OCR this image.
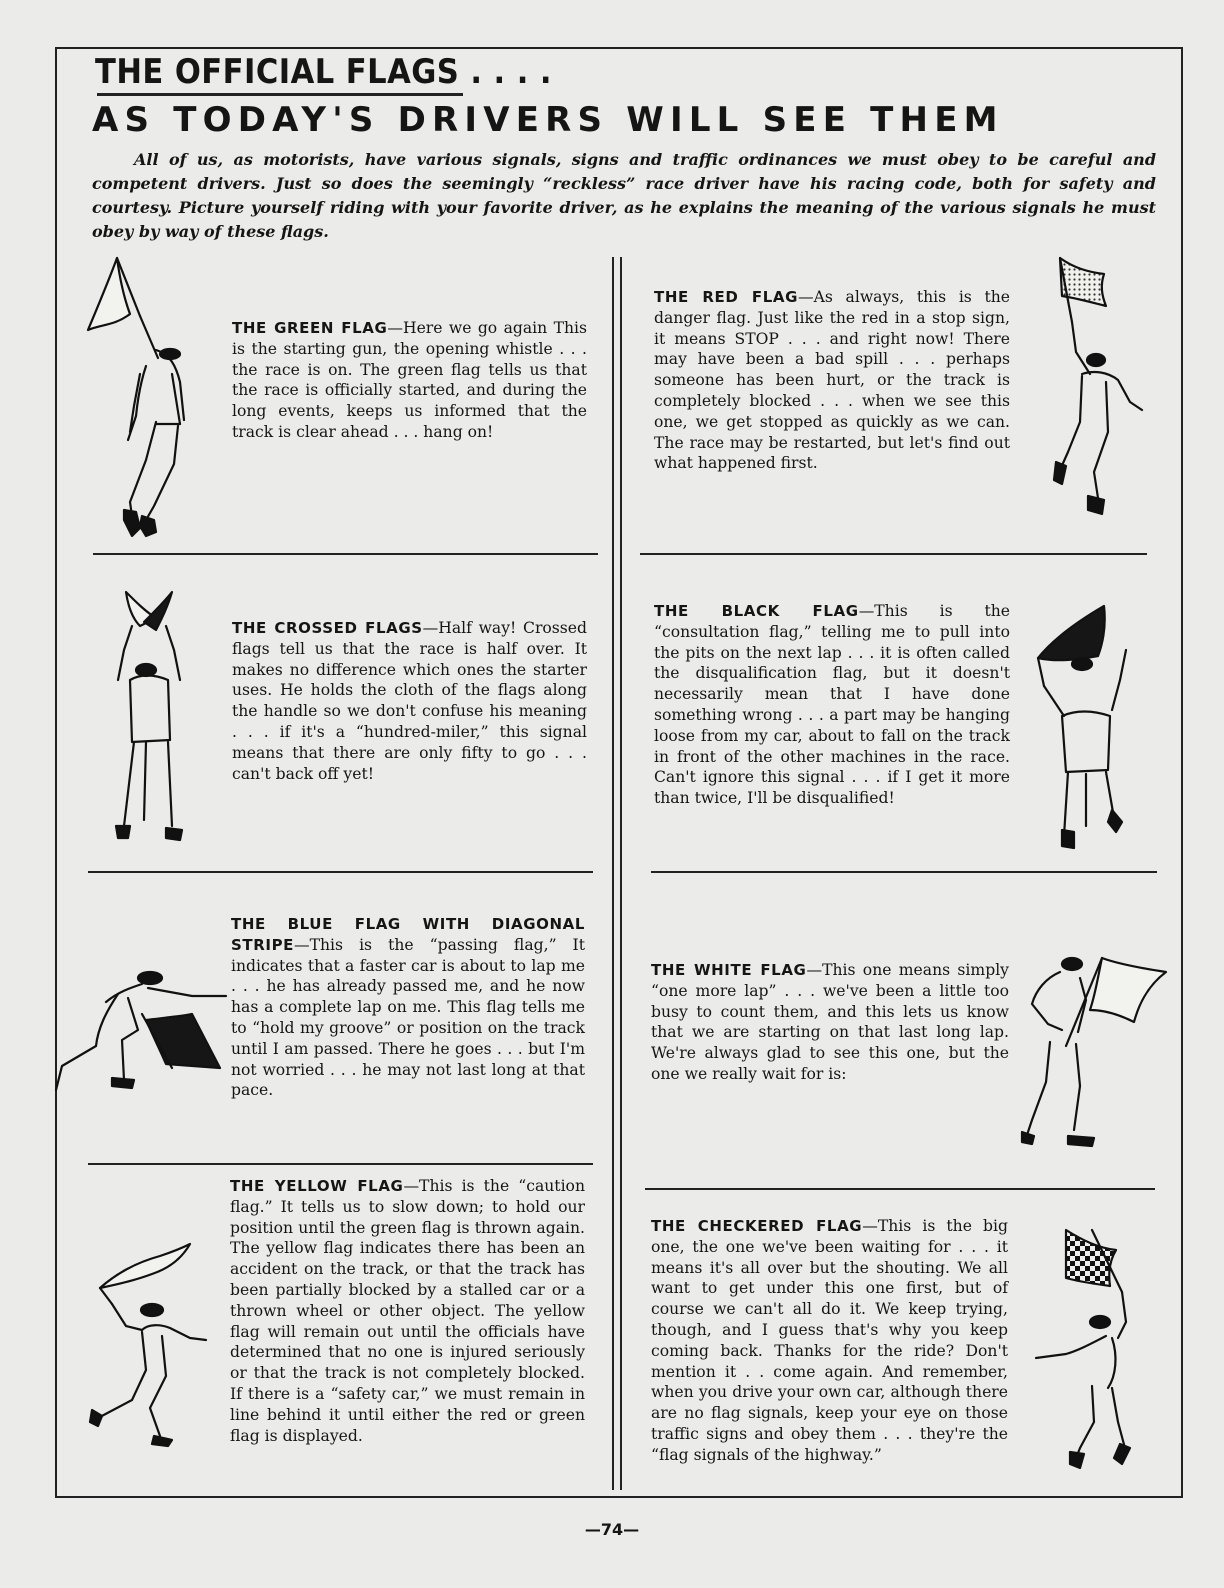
THE OFFICIAL FLAGS . . . .
AS TODAY'S DRIVERS WILL SEE THEM

All of us, as motorists, have various signals, signs and traffic ordinances we must obey to be careful and competent drivers. Just so does the seemingly “reckless” race driver have his racing code, both for safety and courtesy. Picture yourself riding with your favorite driver, as he explains the meaning of the various signals he must obey by way of these flags.

THE GREEN FLAG—Here we go again This is the starting gun, the opening whistle . . . the race is on. The green flag tells us that the race is officially started, and during the long events, keeps us informed that the track is clear ahead . . . hang on!

THE CROSSED FLAGS—Half way! Crossed flags tell us that the race is half over. It makes no difference which ones the starter uses. He holds the cloth of the flags along the handle so we don't confuse his meaning . . . if it's a “hundred-miler,” this signal means that there are only fifty to go . . . can't back off yet!

THE BLUE FLAG WITH DIAGONAL STRIPE—This is the “passing flag,” It indicates that a faster car is about to lap me . . . he has already passed me, and he now has a complete lap on me. This flag tells me to “hold my groove” or position on the track until I am passed. There he goes . . . but I'm not worried . . . he may not last long at that pace.

THE YELLOW FLAG—This is the “caution flag.” It tells us to slow down; to hold our position until the green flag is thrown again. The yellow flag indicates there has been an accident on the track, or that the track has been partially blocked by a stalled car or a thrown wheel or other object. The yellow flag will remain out until the officials have determined that no one is injured seriously or that the track is not completely blocked. If there is a “safety car,” we must remain in line behind it until either the red or green flag is displayed.

THE RED FLAG—As always, this is the danger flag. Just like the red in a stop sign, it means STOP . . . and right now! There may have been a bad spill . . . perhaps someone has been hurt, or the track is completely blocked . . . when we see this one, we get stopped as quickly as we can. The race may be restarted, but let's find out what happened first.

THE BLACK FLAG—This is the “consultation flag,” telling me to pull into the pits on the next lap . . . it is often called the disqualification flag, but it doesn't necessarily mean that I have done something wrong . . . a part may be hanging loose from my car, about to fall on the track in front of the other machines in the race. Can't ignore this signal . . . if I get it more than twice, I'll be disqualified!

THE WHITE FLAG—This one means simply “one more lap” . . . we've been a little too busy to count them, and this lets us know that we are starting on that last long lap. We're always glad to see this one, but the one we really wait for is:

THE CHECKERED FLAG—This is the big one, the one we've been waiting for . . . it means it's all over but the shouting. We all want to get under this one first, but of course we can't all do it. We keep trying, though, and I guess that's why you keep coming back. Thanks for the ride? Don't mention it . . come again. And remember, when you drive your own car, although there are no flag signals, keep your eye on those traffic signs and obey them . . . they're the “flag signals of the highway.”

—74—
